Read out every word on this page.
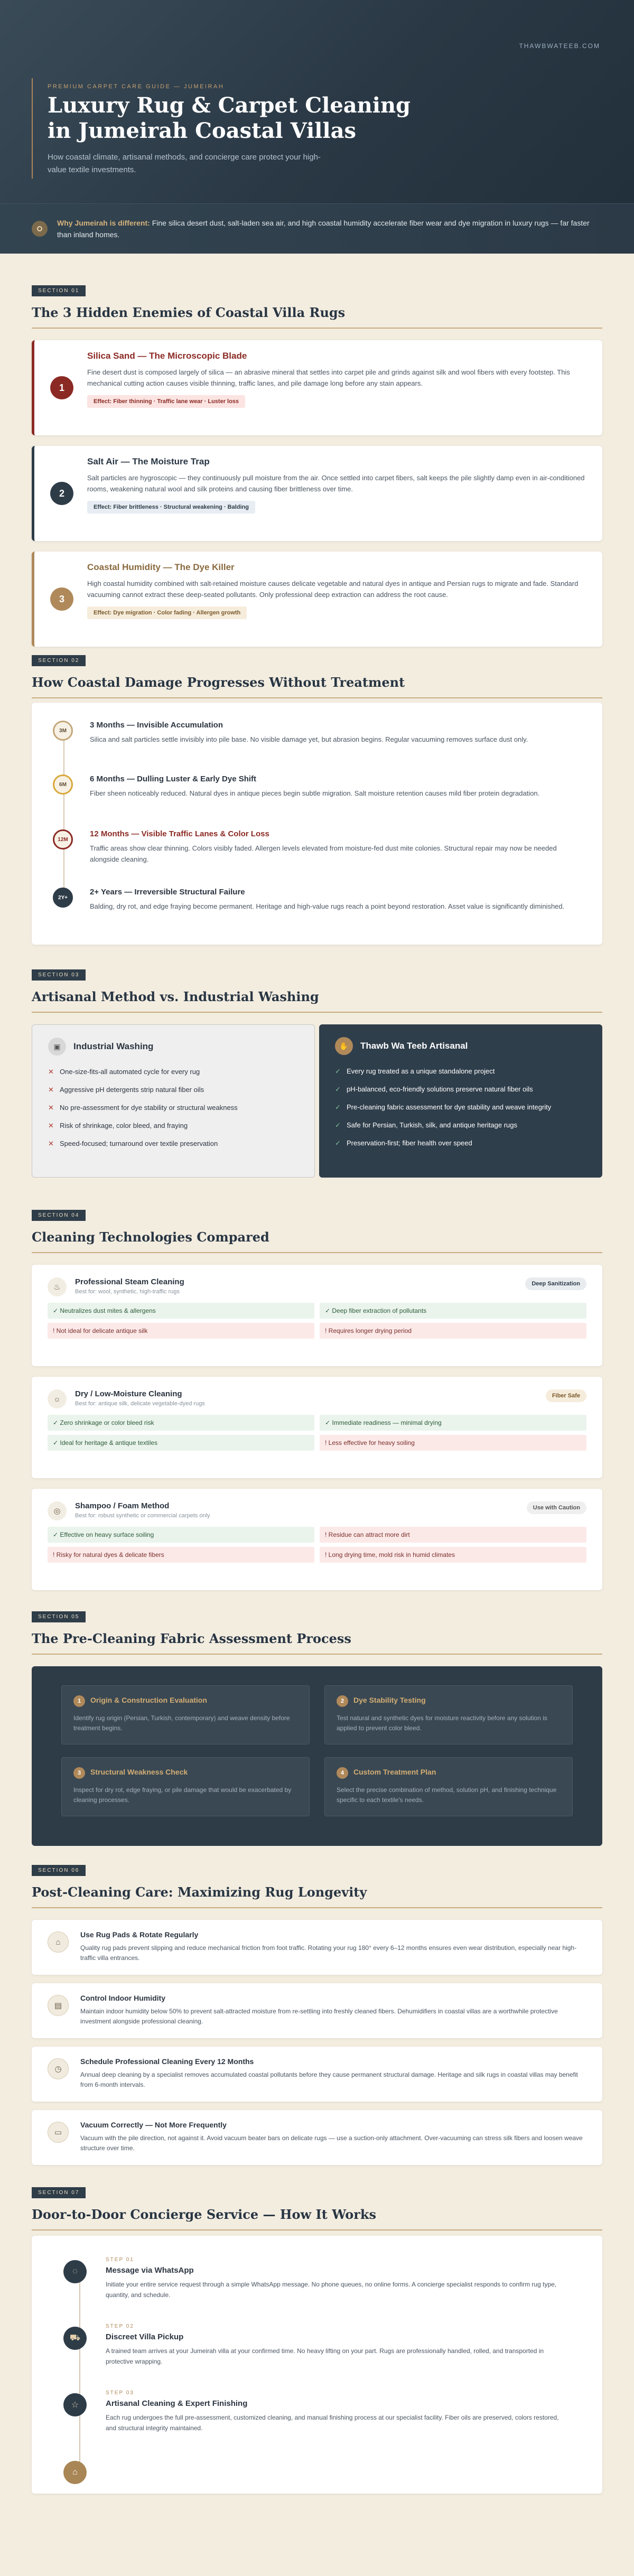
THAWBWATEEB.COM
PREMIUM CARPET CARE GUIDE — JUMEIRAH
Luxury Rug & Carpet Cleaning in Jumeirah Coastal Villas

How coastal climate, artisanal methods, and concierge care protect your high-value textile investments.

Why Jumeirah is different: Fine silica desert dust, salt-laden sea air, and high coastal humidity accelerate fiber wear and dye migration in luxury rugs — far faster than inland homes.

SECTION 01
The 3 Hidden Enemies of Coastal Villa Rugs
1
Silica Sand — The Microscopic Blade

Fine desert dust is composed largely of silica — an abrasive mineral that settles into carpet pile and grinds against silk and wool fibers with every footstep. This mechanical cutting action causes visible thinning, traffic lanes, and pile damage long before any stain appears.

Effect: Fiber thinning · Traffic lane wear · Luster loss
2
Salt Air — The Moisture Trap

Salt particles are hygroscopic — they continuously pull moisture from the air. Once settled into carpet fibers, salt keeps the pile slightly damp even in air-conditioned rooms, weakening natural wool and silk proteins and causing fiber brittleness over time.

Effect: Fiber brittleness · Structural weakening · Balding
3
Coastal Humidity — The Dye Killer

High coastal humidity combined with salt-retained moisture causes delicate vegetable and natural dyes in antique and Persian rugs to migrate and fade. Standard vacuuming cannot extract these deep-seated pollutants. Only professional deep extraction can address the root cause.

Effect: Dye migration · Color fading · Allergen growth
SECTION 02
How Coastal Damage Progresses Without Treatment
3M
3 Months — Invisible Accumulation

Silica and salt particles settle invisibly into pile base. No visible damage yet, but abrasion begins. Regular vacuuming removes surface dust only.

6M
6 Months — Dulling Luster & Early Dye Shift

Fiber sheen noticeably reduced. Natural dyes in antique pieces begin subtle migration. Salt moisture retention causes mild fiber protein degradation.

12M
12 Months — Visible Traffic Lanes & Color Loss

Traffic areas show clear thinning. Colors visibly faded. Allergen levels elevated from moisture-fed dust mite colonies. Structural repair may now be needed alongside cleaning.

2Y+
2+ Years — Irreversible Structural Failure

Balding, dry rot, and edge fraying become permanent. Heritage and high-value rugs reach a point beyond restoration. Asset value is significantly diminished.

SECTION 03
Artisanal Method vs. Industrial Washing
▣	Industrial Washing
✕ One-size-fits-all automated cycle for every rug
✕ Aggressive pH detergents strip natural fiber oils
✕ No pre-assessment for dye stability or structural weakness
✕ Risk of shrinkage, color bleed, and fraying
✕ Speed-focused; turnaround over textile preservation
✋	Thawb Wa Teeb Artisanal
✓ Every rug treated as a unique standalone project
✓ pH-balanced, eco-friendly solutions preserve natural fiber oils
✓ Pre-cleaning fabric assessment for dye stability and weave integrity
✓ Safe for Persian, Turkish, silk, and antique heritage rugs
✓ Preservation-first; fiber health over speed
SECTION 04
Cleaning Technologies Compared
♨
Professional Steam Cleaning
Best for: wool, synthetic, high-traffic rugs
Deep Sanitization
✓ Neutralizes dust mites & allergens	✓ Deep fiber extraction of pollutants
! Not ideal for delicate antique silk	! Requires longer drying period
☼
Dry / Low-Moisture Cleaning
Best for: antique silk, delicate vegetable-dyed rugs
Fiber Safe
✓ Zero shrinkage or color bleed risk	✓ Immediate readiness — minimal drying
✓ Ideal for heritage & antique textiles	! Less effective for heavy soiling
◎
Shampoo / Foam Method
Best for: robust synthetic or commercial carpets only
Use with Caution
✓ Effective on heavy surface soiling	! Residue can attract more dirt
! Risky for natural dyes & delicate fibers	! Long drying time, mold risk in humid climates
SECTION 05
The Pre-Cleaning Fabric Assessment Process
1 Origin & Construction Evaluation

Identify rug origin (Persian, Turkish, contemporary) and weave density before treatment begins.

2 Dye Stability Testing

Test natural and synthetic dyes for moisture reactivity before any solution is applied to prevent color bleed.

3 Structural Weakness Check

Inspect for dry rot, edge fraying, or pile damage that would be exacerbated by cleaning processes.

4 Custom Treatment Plan

Select the precise combination of method, solution pH, and finishing technique specific to each textile's needs.

SECTION 06
Post-Cleaning Care: Maximizing Rug Longevity
⌂
Use Rug Pads & Rotate Regularly

Quality rug pads prevent slipping and reduce mechanical friction from foot traffic. Rotating your rug 180° every 6–12 months ensures even wear distribution, especially near high-traffic villa entrances.

▤
Control Indoor Humidity

Maintain indoor humidity below 50% to prevent salt-attracted moisture from re-settling into freshly cleaned fibers. Dehumidifiers in coastal villas are a worthwhile protective investment alongside professional cleaning.

◷
Schedule Professional Cleaning Every 12 Months

Annual deep cleaning by a specialist removes accumulated coastal pollutants before they cause permanent structural damage. Heritage and silk rugs in coastal villas may benefit from 6-month intervals.

▭
Vacuum Correctly — Not More Frequently

Vacuum with the pile direction, not against it. Avoid vacuum beater bars on delicate rugs — use a suction-only attachment. Over-vacuuming can stress silk fibers and loosen weave structure over time.

SECTION 07
Door-to-Door Concierge Service — How It Works
◌
STEP 01
Message via WhatsApp

Initiate your entire service request through a simple WhatsApp message. No phone queues, no online forms. A concierge specialist responds to confirm rug type, quantity, and schedule.

⛟
STEP 02
Discreet Villa Pickup

A trained team arrives at your Jumeirah villa at your confirmed time. No heavy lifting on your part. Rugs are professionally handled, rolled, and transported in protective wrapping.

☆
STEP 03
Artisanal Cleaning & Expert Finishing

Each rug undergoes the full pre-assessment, customized cleaning, and manual finishing process at our specialist facility. Fiber oils are preserved, colors restored, and structural integrity maintained.

⌂
